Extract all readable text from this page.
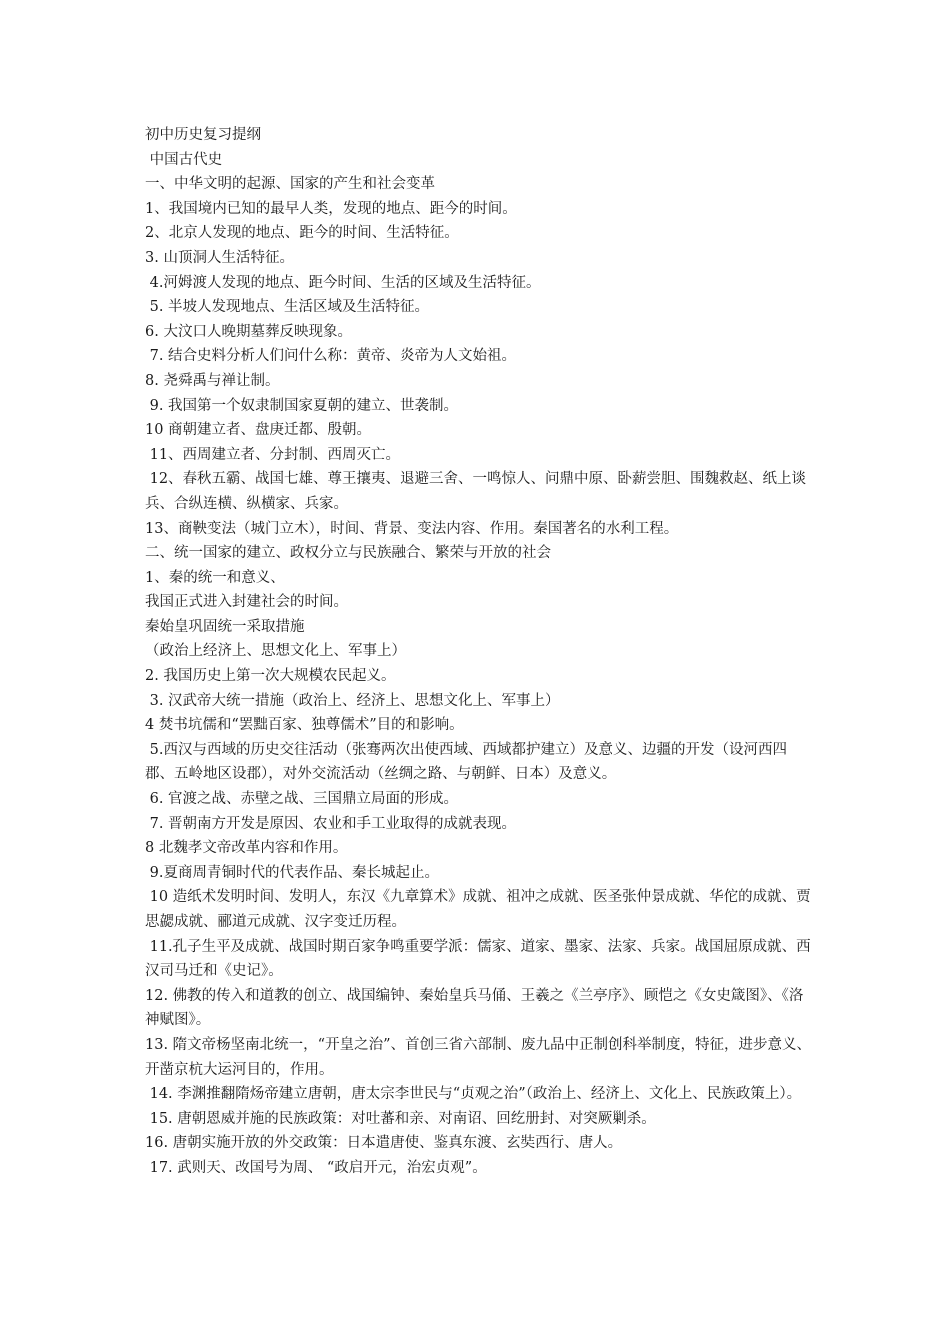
初中历史复习提纲

中国古代史

一、中华文明的起源、国家的产生和社会变革

1、我国境内已知的最早人类，发现的地点、距今的时间。

2、北京人发现的地点、距今的时间、生活特征。

3. 山顶洞人生活特征。

4.河姆渡人发现的地点、距今时间、生活的区域及生活特征。

5. 半坡人发现地点、生活区域及生活特征。

6. 大汶口人晚期墓葬反映现象。

7. 结合史料分析人们问什么称：黄帝、炎帝为人文始祖。

8. 尧舜禹与禅让制。

9. 我国第一个奴隶制国家夏朝的建立、世袭制。

10 商朝建立者、盘庚迁都、殷朝。

11、西周建立者、分封制、西周灭亡。

12、春秋五霸、战国七雄、尊王攘夷、退避三舍、一鸣惊人、问鼎中原、卧薪尝胆、围魏救赵、纸上谈兵、合纵连横、纵横家、兵家。

13、商鞅变法（城门立木），时间、背景、变法内容、作用。秦国著名的水利工程。

二、统一国家的建立、政权分立与民族融合、繁荣与开放的社会

1、秦的统一和意义、

我国正式进入封建社会的时间。

秦始皇巩固统一采取措施

（政治上经济上、思想文化上、军事上）

2. 我国历史上第一次大规模农民起义。

3. 汉武帝大统一措施（政治上、经济上、思想文化上、军事上）

4 焚书坑儒和“罢黜百家、独尊儒术”目的和影响。

5.西汉与西域的历史交往活动（张骞两次出使西域、西域都护建立）及意义、边疆的开发（设河西四郡、五岭地区设郡），对外交流活动（丝绸之路、与朝鲜、日本）及意义。

6. 官渡之战、赤壁之战、三国鼎立局面的形成。

7. 晋朝南方开发是原因、农业和手工业取得的成就表现。

8 北魏孝文帝改革内容和作用。

9.夏商周青铜时代的代表作品、秦长城起止。

10 造纸术发明时间、发明人，东汉《九章算术》成就、祖冲之成就、医圣张仲景成就、华佗的成就、贾思勰成就、郦道元成就、汉字变迁历程。

11.孔子生平及成就、战国时期百家争鸣重要学派：儒家、道家、墨家、法家、兵家。战国屈原成就、西汉司马迁和《史记》。

12. 佛教的传入和道教的创立、战国编钟、秦始皇兵马俑、王羲之《兰亭序》、顾恺之《女史箴图》、《洛神赋图》。

13. 隋文帝杨坚南北统一，“开皇之治”、首创三省六部制、废九品中正制创科举制度，特征，进步意义、开凿京杭大运河目的，作用。

14. 李渊推翻隋炀帝建立唐朝，唐太宗李世民与“贞观之治”（政治上、经济上、文化上、民族政策上）。

15. 唐朝恩威并施的民族政策：对吐蕃和亲、对南诏、回纥册封、对突厥剿杀。

16. 唐朝实施开放的外交政策：日本遣唐使、鉴真东渡、玄奘西行、唐人。

17. 武则天、改国号为周、 “政启开元，治宏贞观”。
